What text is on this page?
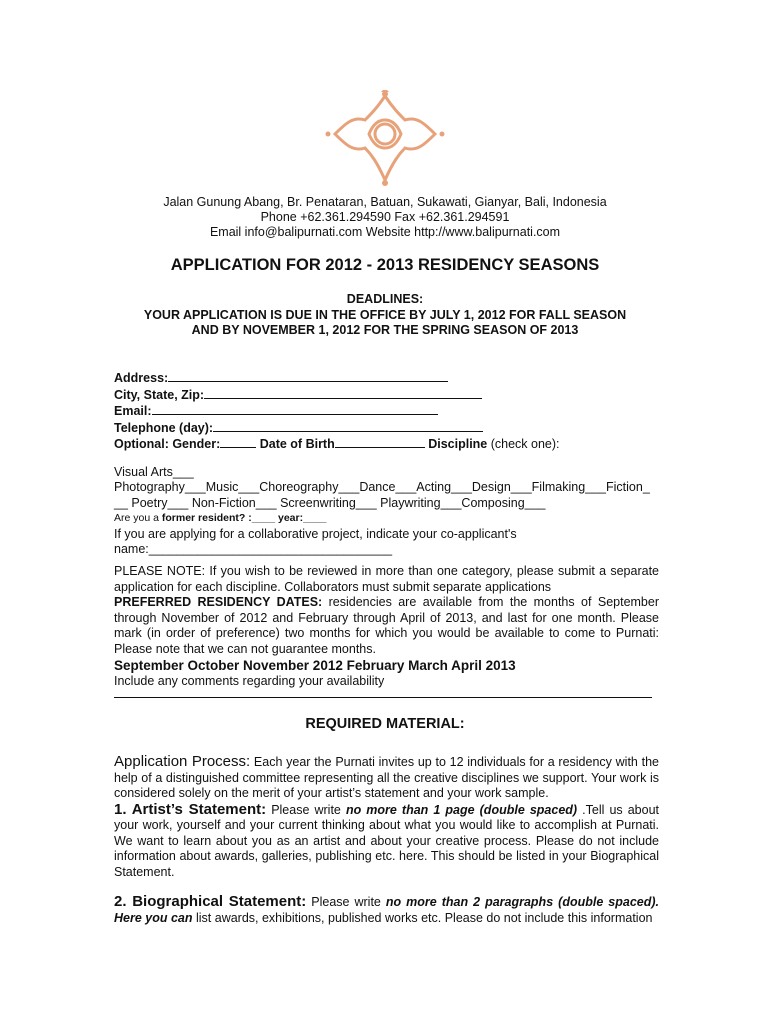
Jalan Gunung Abang, Br. Penataran, Batuan, Sukawati, Gianyar, Bali, Indonesia
Phone +62.361.294590 Fax +62.361.294591
Email info@balipurnati.com Website http://www.balipurnati.com
APPLICATION FOR 2012 - 2013 RESIDENCY SEASONS
DEADLINES:
YOUR APPLICATION IS DUE IN THE OFFICE BY JULY 1, 2012 FOR FALL SEASON
AND BY NOVEMBER 1, 2012 FOR THE SPRING SEASON OF 2013
Address:
City, State, Zip:
Email:
Telephone (day):
Optional: Gender:	Date of Birth	Discipline (check one):
Visual Arts___
Photography___Music___Choreography___Dance___Acting___Design___Filmaking___Fiction_
__ Poetry___ Non-Fiction___ Screenwriting___ Playwriting___Composing___
Are you a former resident? :____ year:____
If you are applying for a collaborative project, indicate your co-applicant's
name:___________________________________

PLEASE NOTE: If you wish to be reviewed in more than one category, please submit a separate application for each discipline. Collaborators must submit separate applications

PREFERRED RESIDENCY DATES: residencies are available from the months of September through November of 2012 and February through April of 2013, and last for one month. Please mark (in order of preference) two months for which you would be available to come to Purnati: Please note that we can not guarantee months.

September October November 2012 February March April 2013

Include any comments regarding your availability

REQUIRED MATERIAL:

Application Process: Each year the Purnati invites up to 12 individuals for a residency with the help of a distinguished committee representing all the creative disciplines we support. Your work is considered solely on the merit of your artist’s statement and your work sample.

1. Artist’s Statement: Please write no more than 1 page (double spaced) .Tell us about your work, yourself and your current thinking about what you would like to accomplish at Purnati. We want to learn about you as an artist and about your creative process. Please do not include information about awards, galleries, publishing etc. here. This should be listed in your Biographical Statement.

2. Biographical Statement: Please write no more than 2 paragraphs (double spaced). Here you can list awards, exhibitions, published works etc. Please do not include this information
